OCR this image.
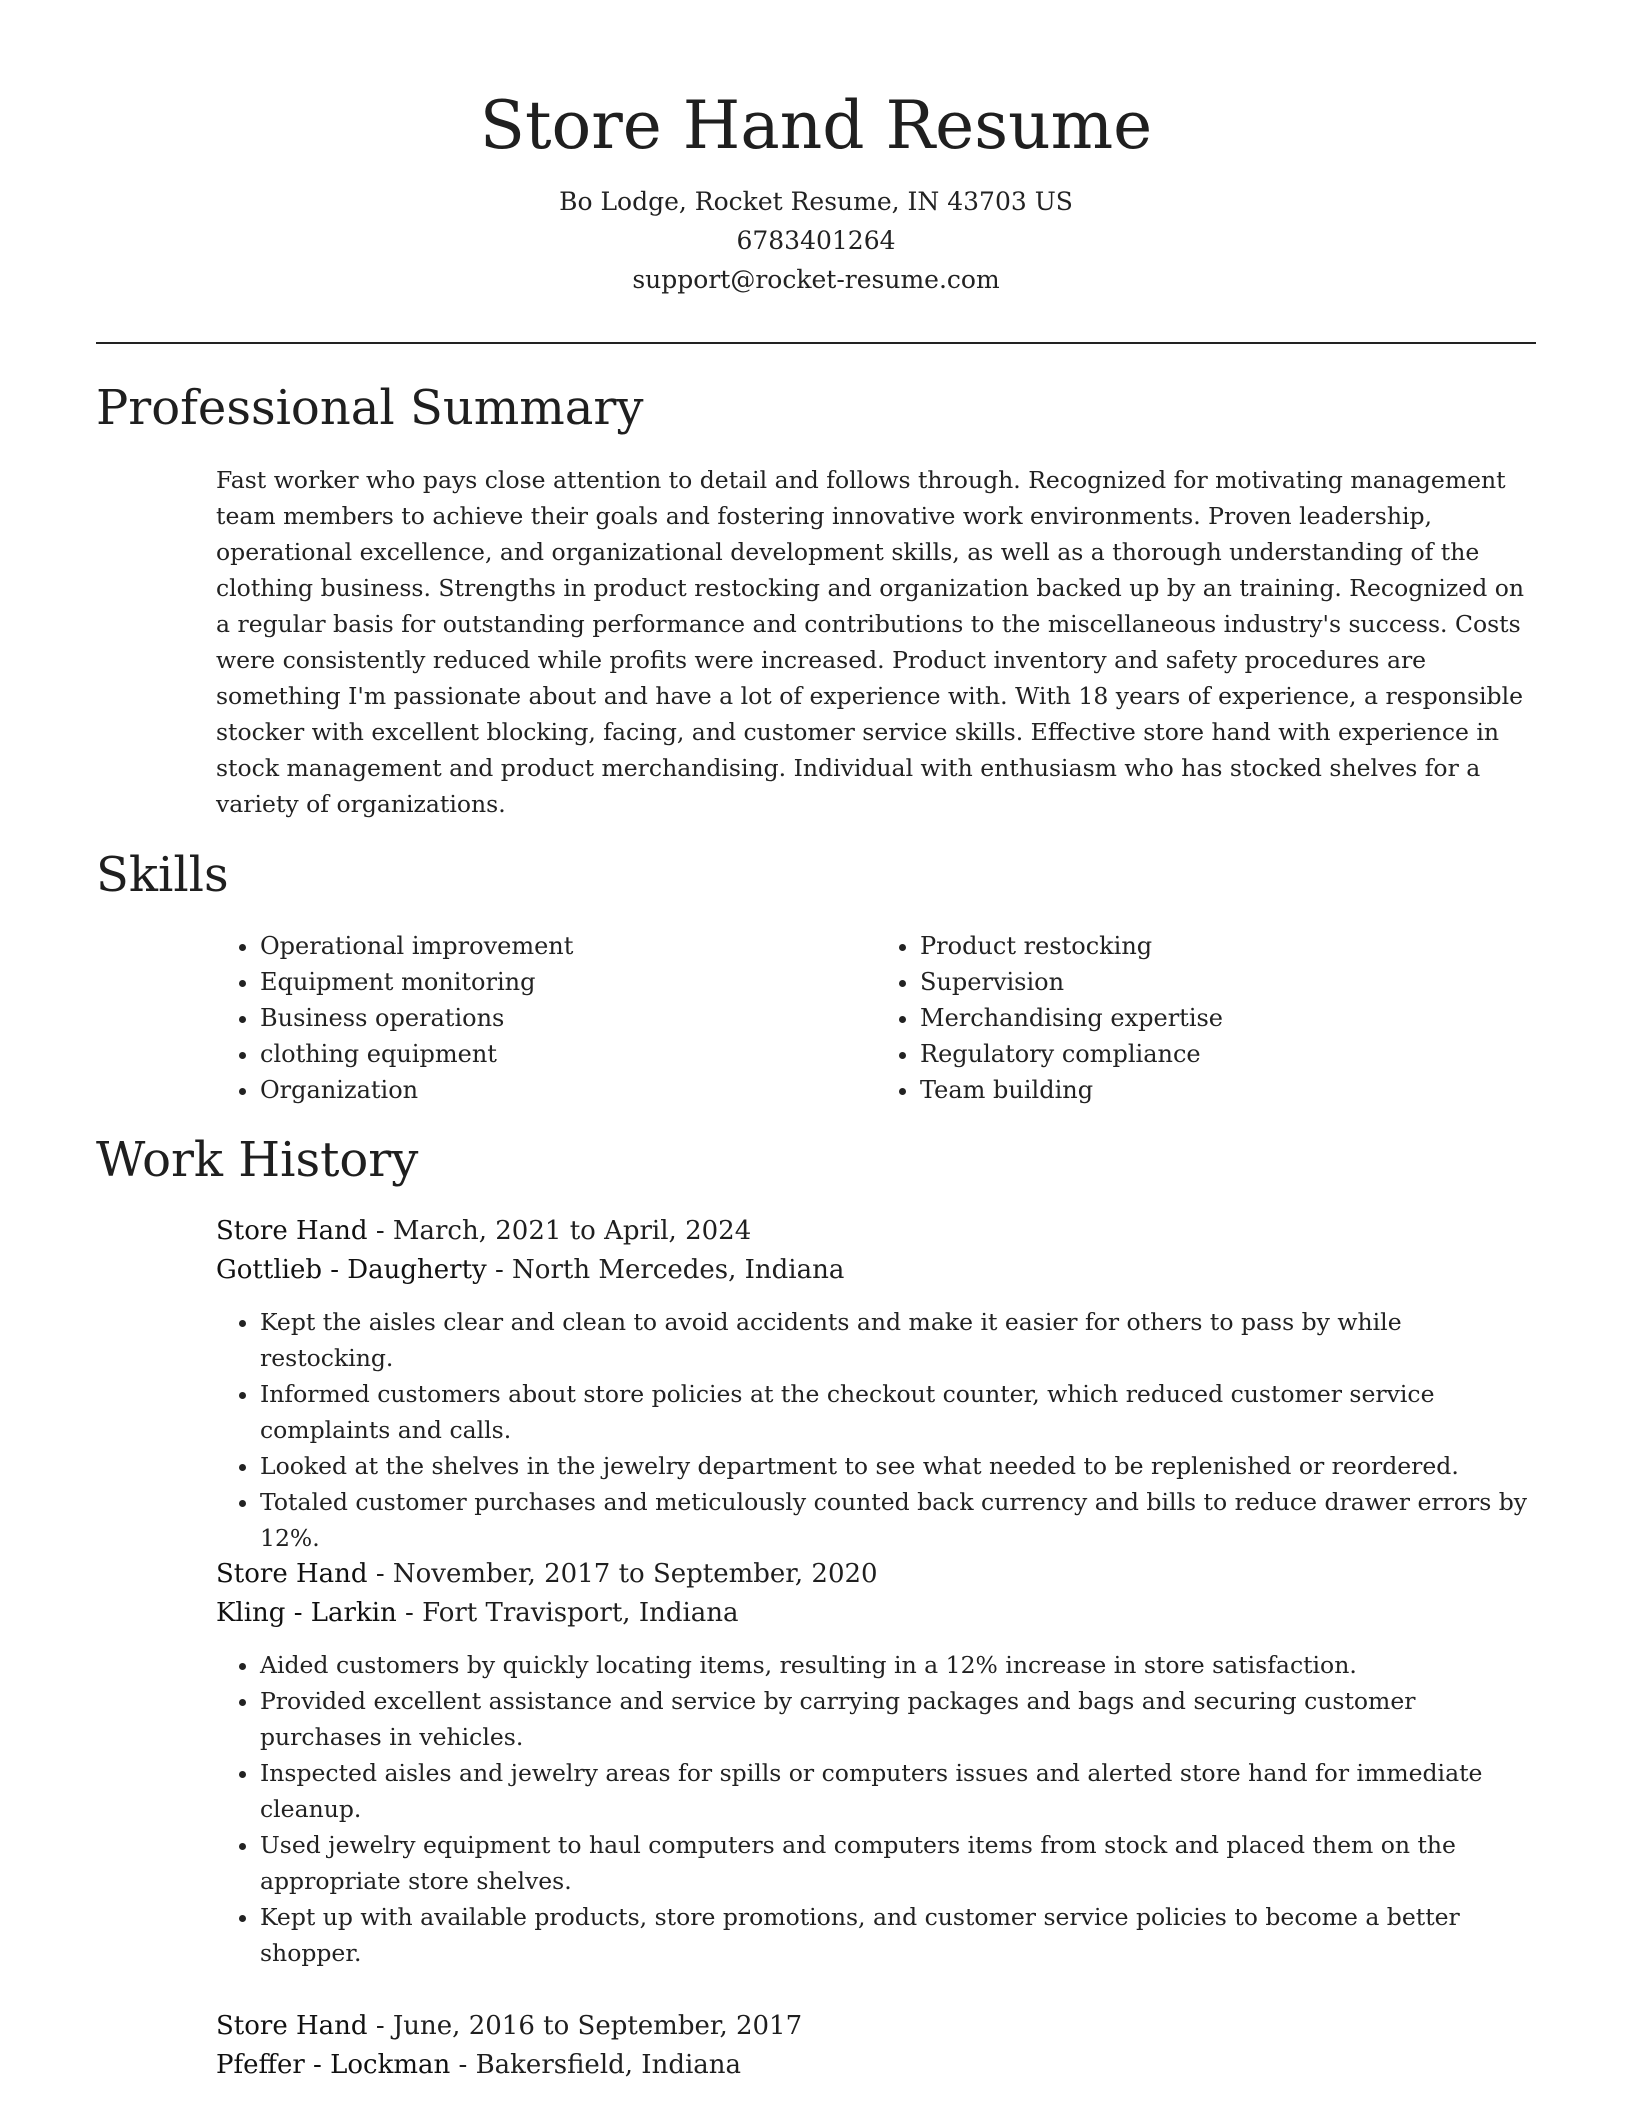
Store Hand Resume
Bo Lodge, Rocket Resume, IN 43703 US
6783401264
support@rocket-resume.com
Professional Summary

Fast worker who pays close attention to detail and follows through. Recognized for motivating management team members to achieve their goals and fostering innovative work environments. Proven leadership, operational excellence, and organizational development skills, as well as a thorough understanding of the clothing business. Strengths in product restocking and organization backed up by an training. Recognized on a regular basis for outstanding performance and contributions to the miscellaneous industry's success. Costs were consistently reduced while profits were increased. Product inventory and safety procedures are something I'm passionate about and have a lot of experience with. With 18 years of experience, a responsible stocker with excellent blocking, facing, and customer service skills. Effective store hand with experience in stock management and product merchandising. Individual with enthusiasm who has stocked shelves for a variety of organizations.

Skills
• Operational improvement
• Equipment monitoring
• Business operations
• clothing equipment
• Organization
• Product restocking
• Supervision
• Merchandising expertise
• Regulatory compliance
• Team building
Work History
Store Hand - March, 2021 to April, 2024
Gottlieb - Daugherty - North Mercedes, Indiana
• Kept the aisles clear and clean to avoid accidents and make it easier for others to pass by while restocking.
• Informed customers about store policies at the checkout counter, which reduced customer service complaints and calls.
• Looked at the shelves in the jewelry department to see what needed to be replenished or reordered.
• Totaled customer purchases and meticulously counted back currency and bills to reduce drawer errors by 12%.
Store Hand - November, 2017 to September, 2020
Kling - Larkin - Fort Travisport, Indiana
• Aided customers by quickly locating items, resulting in a 12% increase in store satisfaction.
• Provided excellent assistance and service by carrying packages and bags and securing customer purchases in vehicles.
• Inspected aisles and jewelry areas for spills or computers issues and alerted store hand for immediate cleanup.
• Used jewelry equipment to haul computers and computers items from stock and placed them on the appropriate store shelves.
• Kept up with available products, store promotions, and customer service policies to become a better shopper.
Store Hand - June, 2016 to September, 2017
Pfeffer - Lockman - Bakersfield, Indiana
